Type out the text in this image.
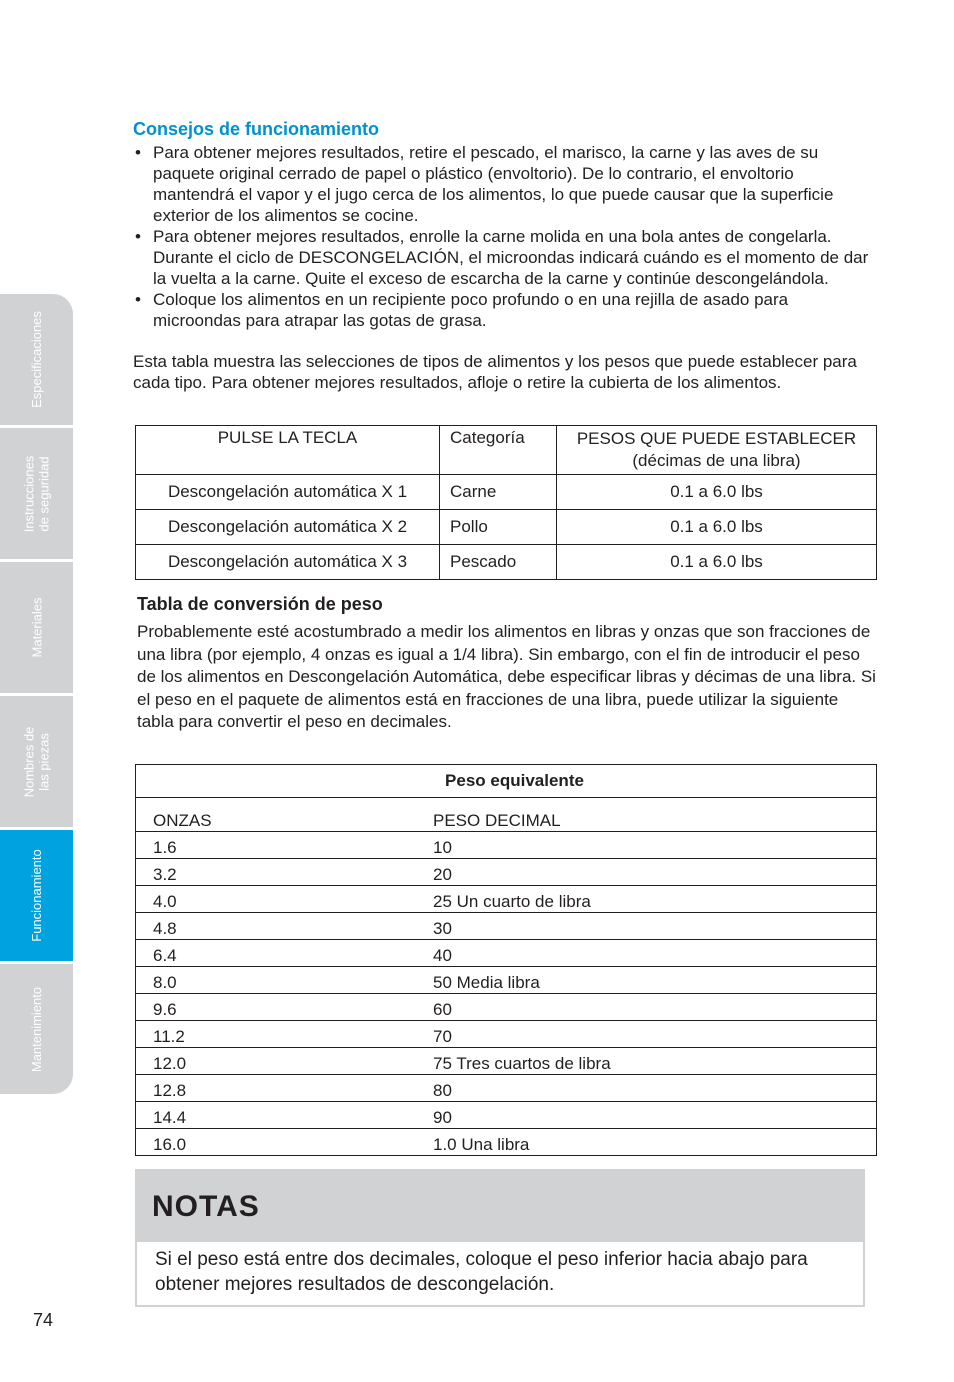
Especificaciones
Instrucciones
de seguridad
Materiales
Nombres de
las piezas
Funcionamiento
Mantenimiento
Consejos de funcionamiento
• Para obtener mejores resultados, retire el pescado, el marisco, la carne y las aves de su paquete original cerrado de papel o plástico (envoltorio). De lo contrario, el envoltorio mantendrá el vapor y el jugo cerca de los alimentos, lo que puede causar que la superficie exterior de los alimentos se cocine.
• Para obtener mejores resultados, enrolle la carne molida en una bola antes de congelarla. Durante el ciclo de DESCONGELACIÓN, el microondas indicará cuándo es el momento de dar la vuelta a la carne. Quite el exceso de escarcha de la carne y continúe descongelándola.
• Coloque los alimentos en un recipiente poco profundo o en una rejilla de asado para microondas para atrapar las gotas de grasa.

Esta tabla muestra las selecciones de tipos de alimentos y los pesos que puede establecer para cada tipo. Para obtener mejores resultados, afloje o retire la cubierta de los alimentos.

PULSE LA TECLA	Categoría	PESOS QUE PUEDE ESTABLECER
(décimas de una libra)
Descongelación automática X 1	Carne	0.1 a 6.0 lbs
Descongelación automática X 2	Pollo	0.1 a 6.0 lbs
Descongelación automática X 3	Pescado	0.1 a 6.0 lbs
Tabla de conversión de peso

Probablemente esté acostumbrado a medir los alimentos en libras y onzas que son fracciones de una libra (por ejemplo, 4 onzas es igual a 1/4 libra). Sin embargo, con el fin de introducir el peso de los alimentos en Descongelación Automática, debe especificar libras y décimas de una libra. Si el peso en el paquete de alimentos está en fracciones de una libra, puede utilizar la siguiente tabla para convertir el peso en decimales.

Peso equivalente	
ONZAS	PESO DECIMAL
1.6	10
3.2	20
4.0	25 Un cuarto de libra
4.8	30
6.4	40
8.0	50 Media libra
9.6	60
11.2	70
12.0	75 Tres cuartos de libra
12.8	80
14.4	90
16.0	1.0 Una libra
NOTAS
Si el peso está entre dos decimales, coloque el peso inferior hacia abajo para obtener mejores resultados de descongelación.
74
